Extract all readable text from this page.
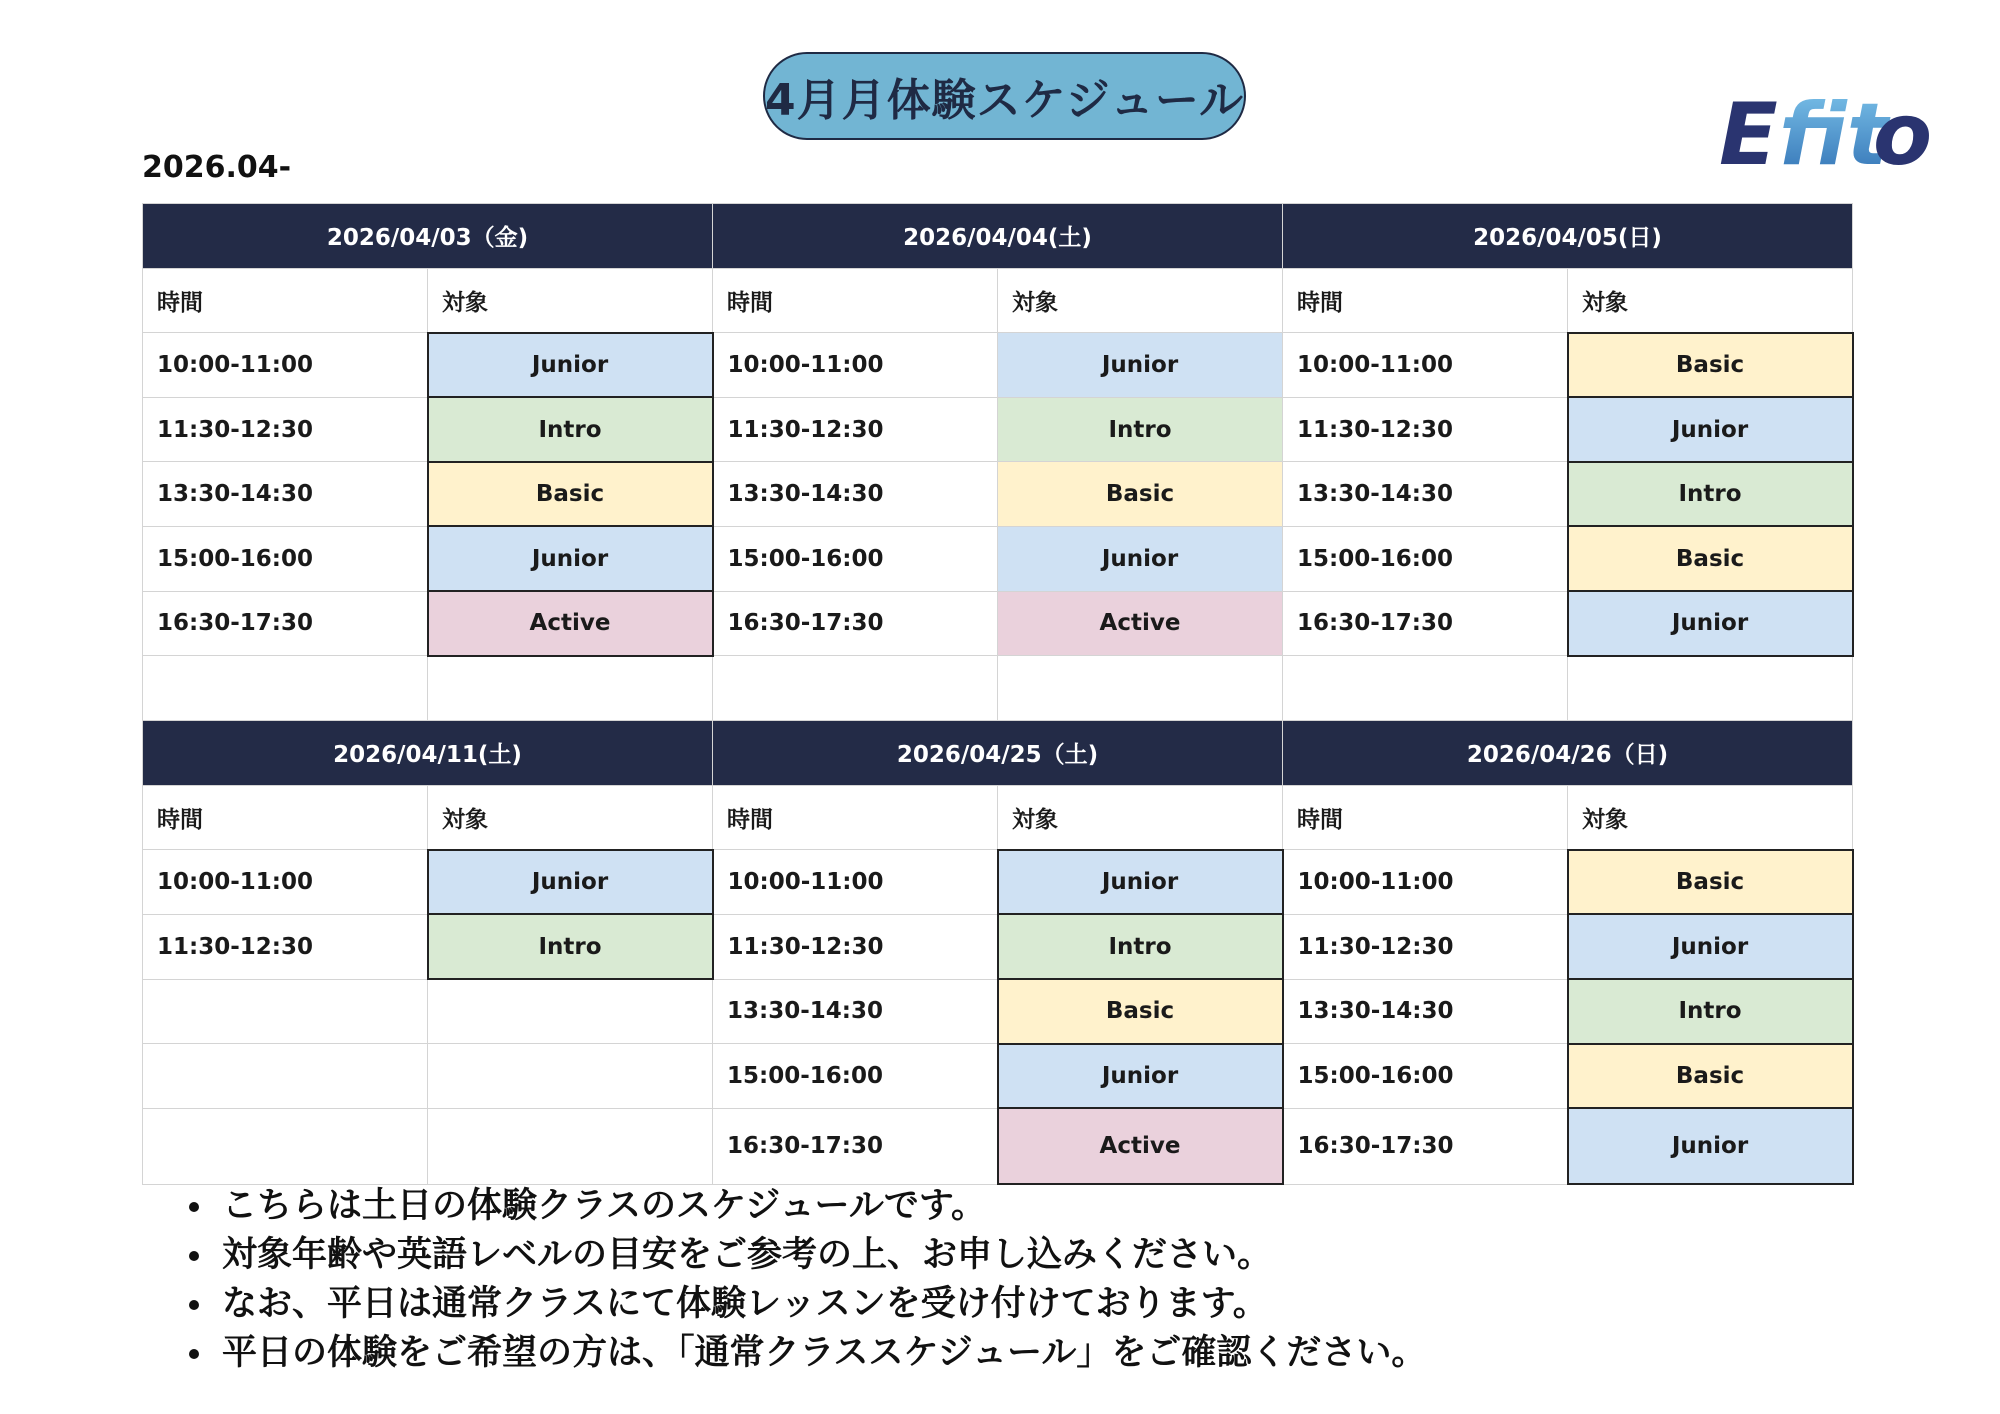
4月月体験スケジュール	E fit
o
2026.04-
2026/04/03（金)		2026/04/04(土)		2026/04/05(日)	
時間	対象	時間	対象	時間	対象
10:00-11:00	Junior	10:00-11:00	Junior	10:00-11:00	Basic
11:30-12:30	Intro	11:30-12:30	Intro	11:30-12:30	Junior
13:30-14:30	Basic	13:30-14:30	Basic	13:30-14:30	Intro
15:00-16:00	Junior	15:00-16:00	Junior	15:00-16:00	Basic
16:30-17:30	Active	16:30-17:30	Active	16:30-17:30	Junior

2026/04/11(土)		2026/04/25（土)		2026/04/26（日)	
時間	対象	時間	対象	時間	対象
10:00-11:00	Junior	10:00-11:00	Junior	10:00-11:00	Basic
11:30-12:30	Intro	11:30-12:30	Intro	11:30-12:30	Junior
		13:30-14:30	Basic	13:30-14:30	Intro
		15:00-16:00	Junior	15:00-16:00	Basic
		16:30-17:30	Active	16:30-17:30	Junior
• こちらは土日の体験クラスのスケジュールです。
• 対象年齢や英語レベルの目安をご参考の上、お申し込みください。
• なお、平日は通常クラスにて体験レッスンを受け付けております。
• 平日の体験をご希望の方は、「通常クラススケジュール」をご確認ください。
